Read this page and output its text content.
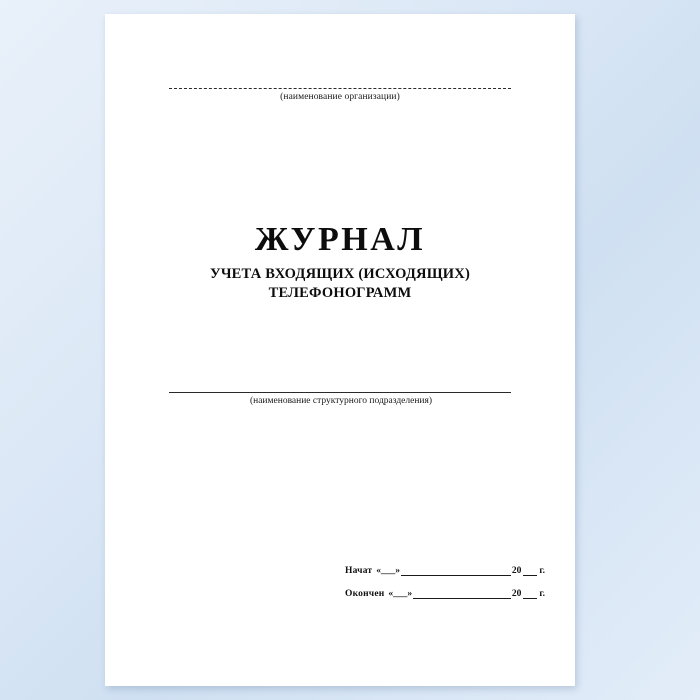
(наименование организации)
ЖУРНАЛ
УЧЕТА ВХОДЯЩИХ (ИСХОДЯЩИХ)
ТЕЛЕФОНОГРАММ
(наименование структурного подразделения)
Начат «___»	20 г.
Окончен «___»	20 г.
